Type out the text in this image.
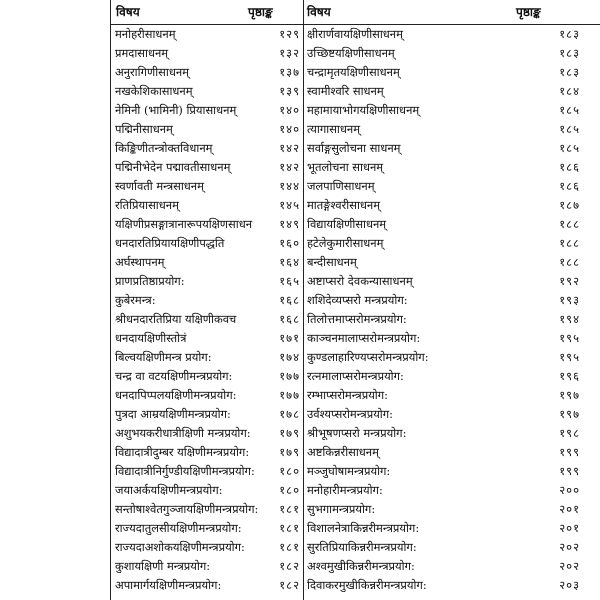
विषय	पृष्ठाङ्क	विषय	पृष्ठाङ्क
मनोहरीसाधनम्	१२९ क्षीरार्णवायक्षिणीसाधनम्	१८३
प्रमदासाधनम्	१३२ उच्छिष्टयक्षिणीसाधनम्	१८३
अनुरागिणीसाधनम्	१३७ चन्द्रामृतयक्षिणीसाधनम्	१८३
नखकेशिकासाधनम्	१३९ स्वामीश्वरि साधनम्	१८४
नेमिनी (भामिनी) प्रियासाधनम्	१४० महामायाभोगयक्षिणीसाधनम्	१८५
पद्मिनीसाधनम्	१४० त्यागासाधनम्	१८५
किङ्किणीतन्त्रोक्तविधानम्	१४२ सर्वाङ्गसुलोचना साधनम्	१८५
पद्मिनीभेदेन पद्मावतीसाधनम्	१४२ भूतलोचना साधनम्	१८६
स्वर्णावती मन्त्रसाधनम्	१४४ जलपाणिसाधनम्	१८६
रतिप्रियासाधनम्	१४५ मातङ्गेश्वरीसाधनम्	१८७
यक्षिणीप्रसङ्गात्रानारूपयक्षिणसाधन	१४९ विद्यायक्षिणीसाधनम्	१८८
धनदारतिप्रियायक्षिणीपद्धति	१६० हटेलेकुमारीसाधनम्	१८८
अर्घस्थापनम्	१६४ बन्दीसाधनम्	१८८
प्राणप्रतिष्ठाप्रयोग:	१६५ अष्टाप्सरो देवकन्यासाधनम्	१९२
कुबेरमन्त्र:	१६८ शशिदेव्यप्सरो मन्त्रप्रयोग:	१९३
श्रीधनदारतिप्रिया यक्षिणीकवच	१६८ तिलोत्तमाप्सरोमन्त्रप्रयोग:	१९४
धनदायक्षिणीस्तोत्रं	१७१ काञ्चनमालाप्सरोमन्त्रप्रयोग:	१९५
बिल्वयक्षिणीमन्त्र प्रयोग:	१७४ कुण्डलाहारिण्यप्सरोमन्त्रप्रयोग:	१९५
चन्द्र वा वटयक्षिणीमन्त्रप्रयोग:	१७७ रत्नमालाप्सरोमन्त्रप्रयोग:	१९६
धनदापिप्पलयक्षिणीमन्त्रप्रयोग:	१७७ रम्भाप्सरोमन्त्रप्रयोग:	१९७
पुत्रदा आम्रयक्षिणीमन्त्रप्रयोग:	१७८ उर्वश्यप्सरोमन्त्रप्रयोग:	१९७
अशुभयकरीधात्रीक्षिणी मन्त्रप्रयोग:	१७९ श्रीभूषणप्सरो मन्त्रप्रयोग:	१९८
विद्यादात्रीदुम्बर यक्षिणीमन्त्रप्रयोग:	१७९ अष्टकिन्नरीसाधनम्	१९९
विद्यादात्रीनिर्गुण्डीयक्षिणीमन्त्रप्रयोग:	१८० मञ्जुघोषामन्त्रप्रयोग:	१९९
जयाअर्कयक्षिणीमन्त्रप्रयोग:	१८० मनोहारीमन्त्रप्रयोग:	२००
सन्तोषाश्वेतगुञ्जायक्षिणीमन्त्रप्रयोग:	१८१ सुभगामन्त्रप्रयोग:	२०१
राज्यदातुलसीयक्षिणीमन्त्रप्रयोग:	१८१ विशालनेत्राकिन्नरीमन्त्रप्रयोग:	२०१
राज्यदाअशोकयक्षिणीमन्त्रप्रयोग:	१८१ सुरतिप्रियाकिन्नरीमन्त्रप्रयोग:	२०२
कुशायक्षिणी मन्त्रप्रयोग:	१८२ अश्वमुखीकिन्नरीमन्त्रप्रयोग:	२०२
अपामार्गयक्षिणीमन्त्रप्रयोग:	१८२ दिवाकरमुखीकिन्नरीमन्त्रप्रयोग:	२०३
